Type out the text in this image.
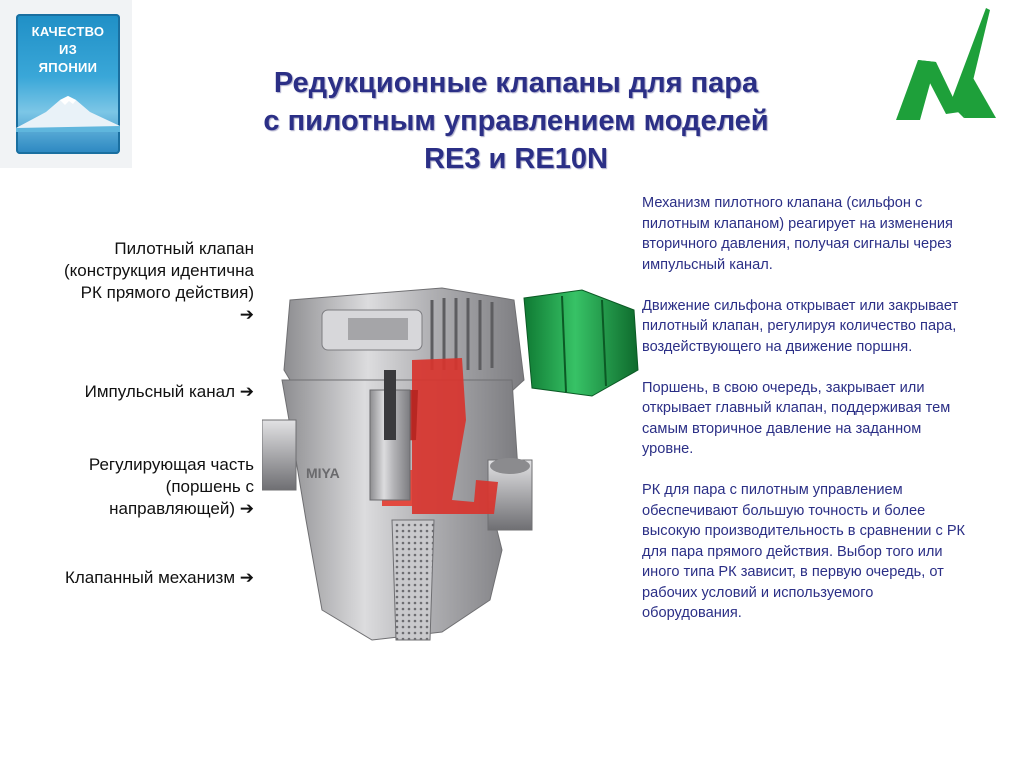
КАЧЕСТВО
ИЗ
ЯПОНИИ	Редукционные клапаны для пара
с пилотным управлением моделей
RE3 и RE10N
Пилотный клапан
(конструкция идентична
РК прямого действия)
➔
Импульсный канал ➔
Регулирующая часть
(поршень с
направляющей) ➔
Клапанный механизм ➔
MIYA

Механизм пилотного клапана (сильфон с пилотным клапаном) реагирует на изменения вторичного давления, получая сигналы через импульсный канал.

Движение сильфона открывает или закрывает пилотный клапан, регулируя количество пара, воздействующего на движение поршня.

Поршень, в свою очередь, закрывает или открывает главный клапан, поддерживая тем самым вторичное давление на заданном уровне.

РК для пара с пилотным управлением обеспечивают большую точность и более высокую производительность в сравнении с РК для пара прямого действия. Выбор того или иного типа РК зависит, в первую очередь, от рабочих условий и используемого оборудования.
